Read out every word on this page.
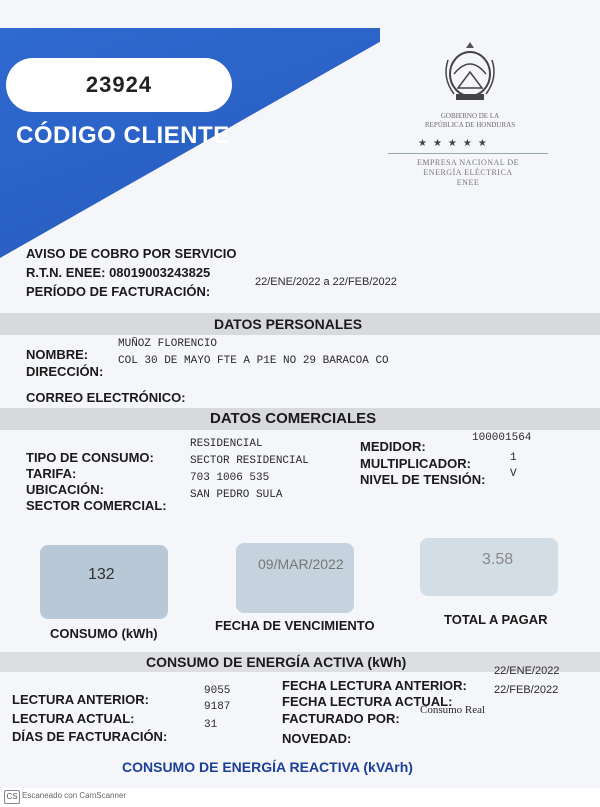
23924
CÓDIGO CLIENTE
GOBIERNO DE LA
REPÚBLICA DE HONDURAS
★★★★★
EMPRESA NACIONAL DE
ENERGÍA ELÉCTRICA
ENEE
AVISO DE COBRO POR SERVICIO
R.T.N. ENEE: 08019003243825
PERÍODO DE FACTURACIÓN:
22/ENE/2022 a 22/FEB/2022
DATOS PERSONALES
NOMBRE:
MUÑOZ FLORENCIO
DIRECCIÓN:
COL 30 DE MAYO FTE A P1E NO 29 BARACOA CO
CORREO ELECTRÓNICO:
DATOS COMERCIALES
TIPO DE CONSUMO:
RESIDENCIAL
TARIFA:
SECTOR RESIDENCIAL
UBICACIÓN:
703 1006 535
SECTOR COMERCIAL:
SAN PEDRO SULA
MEDIDOR:
100001564
MULTIPLICADOR:	1
NIVEL DE TENSIÓN: V
132
CONSUMO (kWh)
09/MAR/2022
FECHA DE VENCIMIENTO
3.58
TOTAL A PAGAR
CONSUMO DE ENERGÍA ACTIVA (kWh)
LECTURA ANTERIOR:
9055
LECTURA ACTUAL:
9187
DÍAS DE FACTURACIÓN:
31
FECHA LECTURA ANTERIOR:
22/ENE/2022
FECHA LECTURA ACTUAL:
22/FEB/2022
FACTURADO POR:
Consumo Real
NOVEDAD:
CONSUMO DE ENERGÍA REACTIVA (kVArh)
CS Escaneado con CamScanner
